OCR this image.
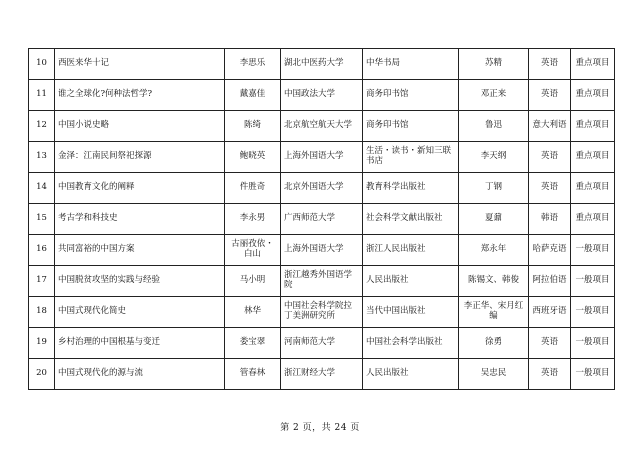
10	西医来华十记	李思乐	湖北中医药大学	中华书局	苏精	英语	重点项目
11	谁之全球化?何种法哲学?	戴嘉佳	中国政法大学	商务印书馆	邓正来	英语	重点项目
12	中国小说史略	陈绮	北京航空航天大学	商务印书馆	鲁迅	意大利语	重点项目
13	金泽：江南民间祭祀探源	鲍晓英	上海外国语大学	生活・读书・新知三联书店	李天纲	英语	重点项目
14	中国教育文化的阐释	件胜奇	北京外国语大学	教育科学出版社	丁钢	英语	重点项目
15	考古学和科技史	李永男	广西师范大学	社会科学文献出版社	夏鼐	韩语	重点项目
16	共同富裕的中国方案	古丽孜依・白山	上海外国语大学	浙江人民出版社	郑永年	哈萨克语	一般项目
17	中国脱贫攻坚的实践与经验	马小明	浙江越秀外国语学院	人民出版社	陈锡文、韩俊	阿拉伯语	一般项目
18	中国式现代化简史	林华	中国社会科学院拉丁美洲研究所	当代中国出版社	李正华、宋月红 编	西班牙语	一般项目
19	乡村治理的中国根基与变迁	娄宝翠	河南师范大学	中国社会科学出版社	徐勇	英语	一般项目
20	中国式现代化的源与流	管春林	浙江财经大学	人民出版社	吴忠民	英语	一般项目
第 2 页，共 24 页
